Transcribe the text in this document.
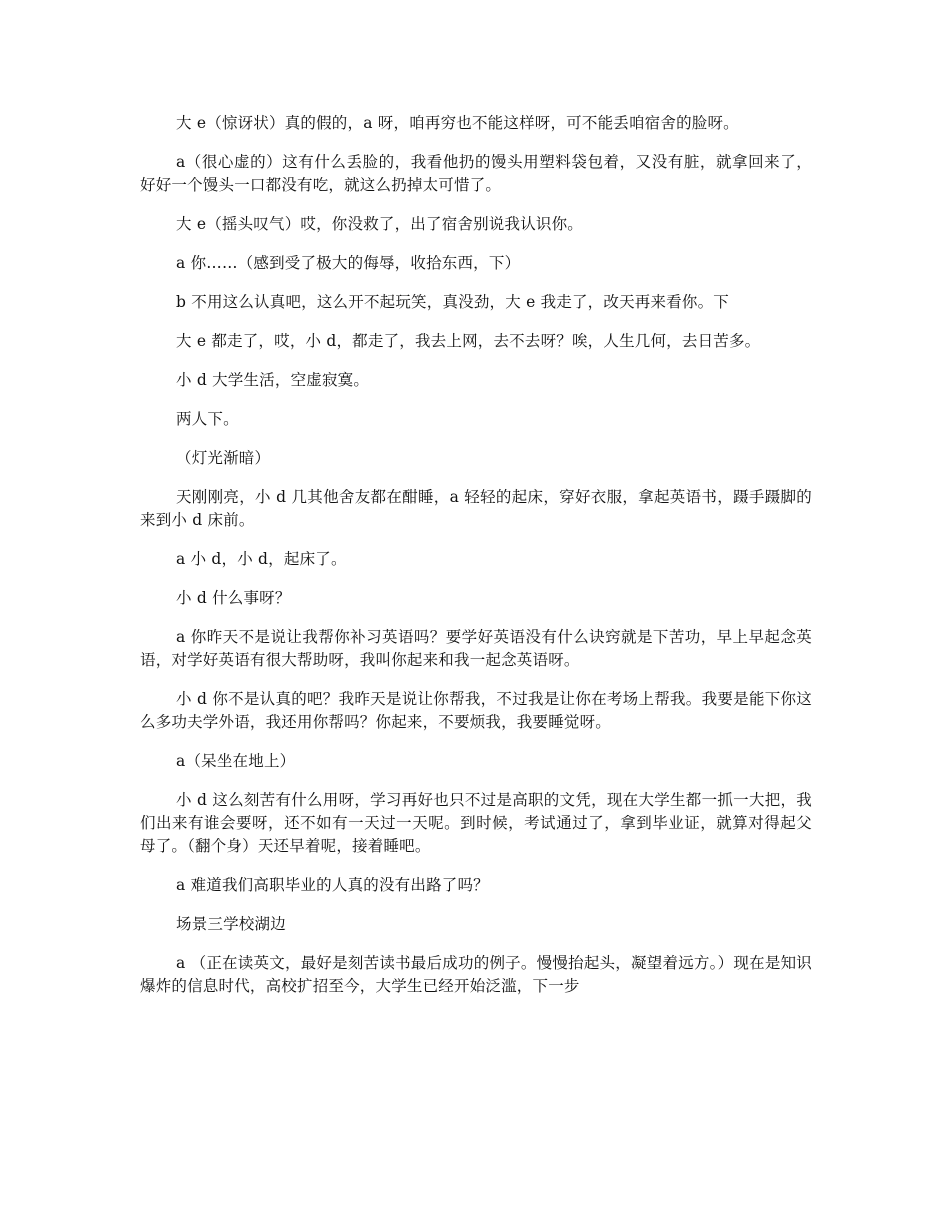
大 e（惊讶状）真的假的，a 呀，咱再穷也不能这样呀，可不能丢咱宿舍的脸呀。

a（很心虚的）这有什么丢脸的，我看他扔的馒头用塑料袋包着，又没有脏，就拿回来了，好好一个馒头一口都没有吃，就这么扔掉太可惜了。

大 e（摇头叹气）哎，你没救了，出了宿舍别说我认识你。

a 你……（感到受了极大的侮辱，收拾东西，下）

b 不用这么认真吧，这么开不起玩笑，真没劲，大 e 我走了，改天再来看你。下

大 e 都走了，哎，小 d，都走了，我去上网，去不去呀？唉，人生几何，去日苦多。

小 d 大学生活，空虚寂寞。

两人下。

（灯光渐暗）

天刚刚亮，小 d 几其他舍友都在酣睡，a 轻轻的起床，穿好衣服，拿起英语书，蹑手蹑脚的来到小 d 床前。

a 小 d，小 d，起床了。

小 d 什么事呀？

a 你昨天不是说让我帮你补习英语吗？要学好英语没有什么诀窍就是下苦功，早上早起念英语，对学好英语有很大帮助呀，我叫你起来和我一起念英语呀。

小 d 你不是认真的吧？我昨天是说让你帮我，不过我是让你在考场上帮我。我要是能下你这么多功夫学外语，我还用你帮吗？你起来，不要烦我，我要睡觉呀。

a（呆坐在地上）

小 d 这么刻苦有什么用呀，学习再好也只不过是高职的文凭，现在大学生都一抓一大把，我们出来有谁会要呀，还不如有一天过一天呢。到时候，考试通过了，拿到毕业证，就算对得起父母了。（翻个身）天还早着呢，接着睡吧。

a 难道我们高职毕业的人真的没有出路了吗？

场景三学校湖边

a （正在读英文，最好是刻苦读书最后成功的例子。慢慢抬起头，凝望着远方。）现在是知识爆炸的信息时代，高校扩招至今，大学生已经开始泛滥，下一步
